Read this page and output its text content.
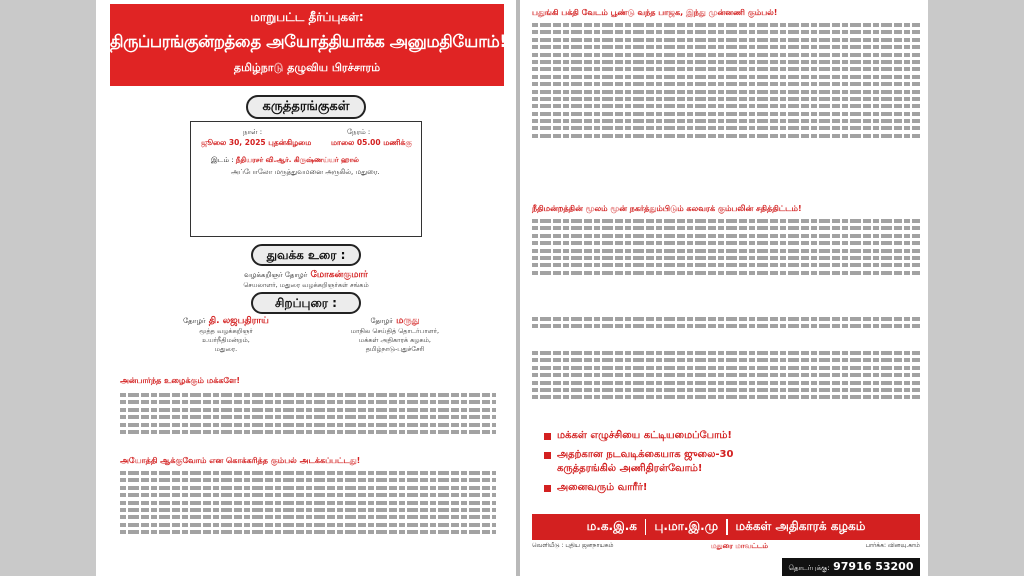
மாறுபட்ட தீர்ப்புகள்:
திருப்பரங்குன்றத்தை அயோத்தியாக்க அனுமதியோம்!
தமிழ்நாடு தழுவிய பிரச்சாரம்
கருத்தரங்குகள்
நாள் :
ஜூலை 30, 2025 புதன்கிழமை
நேரம் :
மாலை 05.00 மணிக்கு
இடம் : நீதியரசர் வி.ஆர். கிருஷ்ணய்யர் ஹால்
அப்போலோ மருத்துவமனை அருகில், மதுரை.
துவக்க உரை :
வழக்கறிஞர் தோழர் மோகன்குமார்
செயலாளர், மதுரை வழக்கறிஞர்கள் சங்கம்
சிறப்புரை :
தோழர் தி. லஜபதிராய்
மூத்த வழக்கறிஞர்
உயர்நீதிமன்றம்,
மதுரை.
தோழர் மருது
மாநில செய்தித் தொடர்பாளர்,
மக்கள் அதிகாரக் கழகம்,
தமிழ்நாடு-புதுச்சேரி
அன்பார்ந்த உழைக்கும் மக்களே!
அயோத்தி ஆக்குவோம் என கொக்கரித்த கும்பல் அடக்கப்பட்டது!
பதுங்கி பக்தி வேடம் பூண்டு வந்த பாஜக, இந்து முன்னணி கும்பல்!
நீதிமன்றத்தின் மூலம் மூன் நகர்த்தும்பிடும் கலவரக் கும்பலின் சதித்திட்டம்!
மக்கள் எழுச்சியை கட்டியமைப்போம்!
அதற்கான நடவடிக்கையாக ஜுலை-30
கருத்தரங்கில் அணிதிரள்வோம்!
அனைவரும் வாரீர்!
ம.க.இ.க பு.மா.இ.மு மக்கள் அதிகாரக் கழகம்
வெளியீடு : புதிய ஜனநாயகம்	மதுரை மாவட்டம்	பார்க்க: வினவு.காம்
தொடர்புக்கு: 97916 53200
